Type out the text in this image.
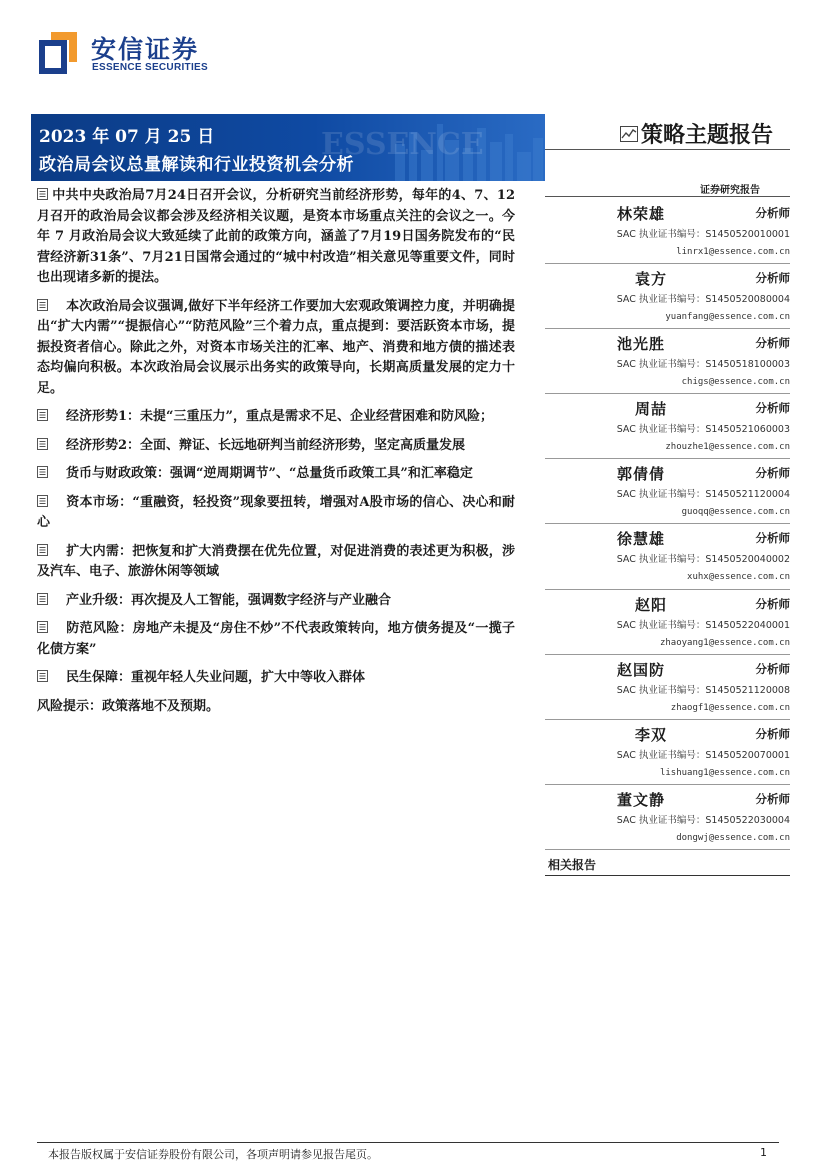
安信证券
ESSENCE SECURITIES
ESSENCE
2023 年 07 月 25 日
政治局会议总量解读和行业投资机会分析
策略主题报告
证券研究报告

中共中央政治局7月24日召开会议，分析研究当前经济形势，每年的4、7、12月召开的政治局会议都会涉及经济相关议题，是资本市场重点关注的会议之一。今年 7 月政治局会议大致延续了此前的政策方向，涵盖了7月19日国务院发布的“民营经济新31条”、7月21日国常会通过的“城中村改造”相关意见等重要文件，同时也出现诸多新的提法。

本次政治局会议强调,做好下半年经济工作要加大宏观政策调控力度，并明确提出“扩大内需”“提振信心”“防范风险”三个着力点，重点提到：要活跃资本市场，提振投资者信心。除此之外，对资本市场关注的汇率、地产、消费和地方债的描述表态均偏向积极。本次政治局会议展示出务实的政策导向，长期高质量发展的定力十足。

经济形势1：未提“三重压力”，重点是需求不足、企业经营困难和防风险；

经济形势2：全面、辩证、长远地研判当前经济形势，坚定高质量发展

货币与财政政策：强调“逆周期调节”、“总量货币政策工具”和汇率稳定

资本市场：“重融资，轻投资”现象要扭转，增强对A股市场的信心、决心和耐心

扩大内需：把恢复和扩大消费摆在优先位置，对促进消费的表述更为积极，涉及汽车、电子、旅游休闲等领域

产业升级：再次提及人工智能，强调数字经济与产业融合

防范风险：房地产未提及“房住不炒”不代表政策转向，地方债务提及“一揽子化债方案”

民生保障：重视年轻人失业问题，扩大中等收入群体

风险提示：政策落地不及预期。

林荣雄	分析师
SAC 执业证书编号：S1450520010001
linrx1@essence.com.cn
袁方	分析师
SAC 执业证书编号：S1450520080004
yuanfang@essence.com.cn
池光胜	分析师
SAC 执业证书编号：S1450518100003
chigs@essence.com.cn
周喆	分析师
SAC 执业证书编号：S1450521060003
zhouzhe1@essence.com.cn
郭倩倩	分析师
SAC 执业证书编号：S1450521120004
guoqq@essence.com.cn
徐慧雄	分析师
SAC 执业证书编号：S1450520040002
xuhx@essence.com.cn
赵阳	分析师
SAC 执业证书编号：S1450522040001
zhaoyang1@essence.com.cn
赵国防	分析师
SAC 执业证书编号：S1450521120008
zhaogf1@essence.com.cn
李双	分析师
SAC 执业证书编号：S1450520070001
lishuang1@essence.com.cn
董文静	分析师
SAC 执业证书编号：S1450522030004
dongwj@essence.com.cn
相关报告
本报告版权属于安信证券股份有限公司，各项声明请参见报告尾页。	1
